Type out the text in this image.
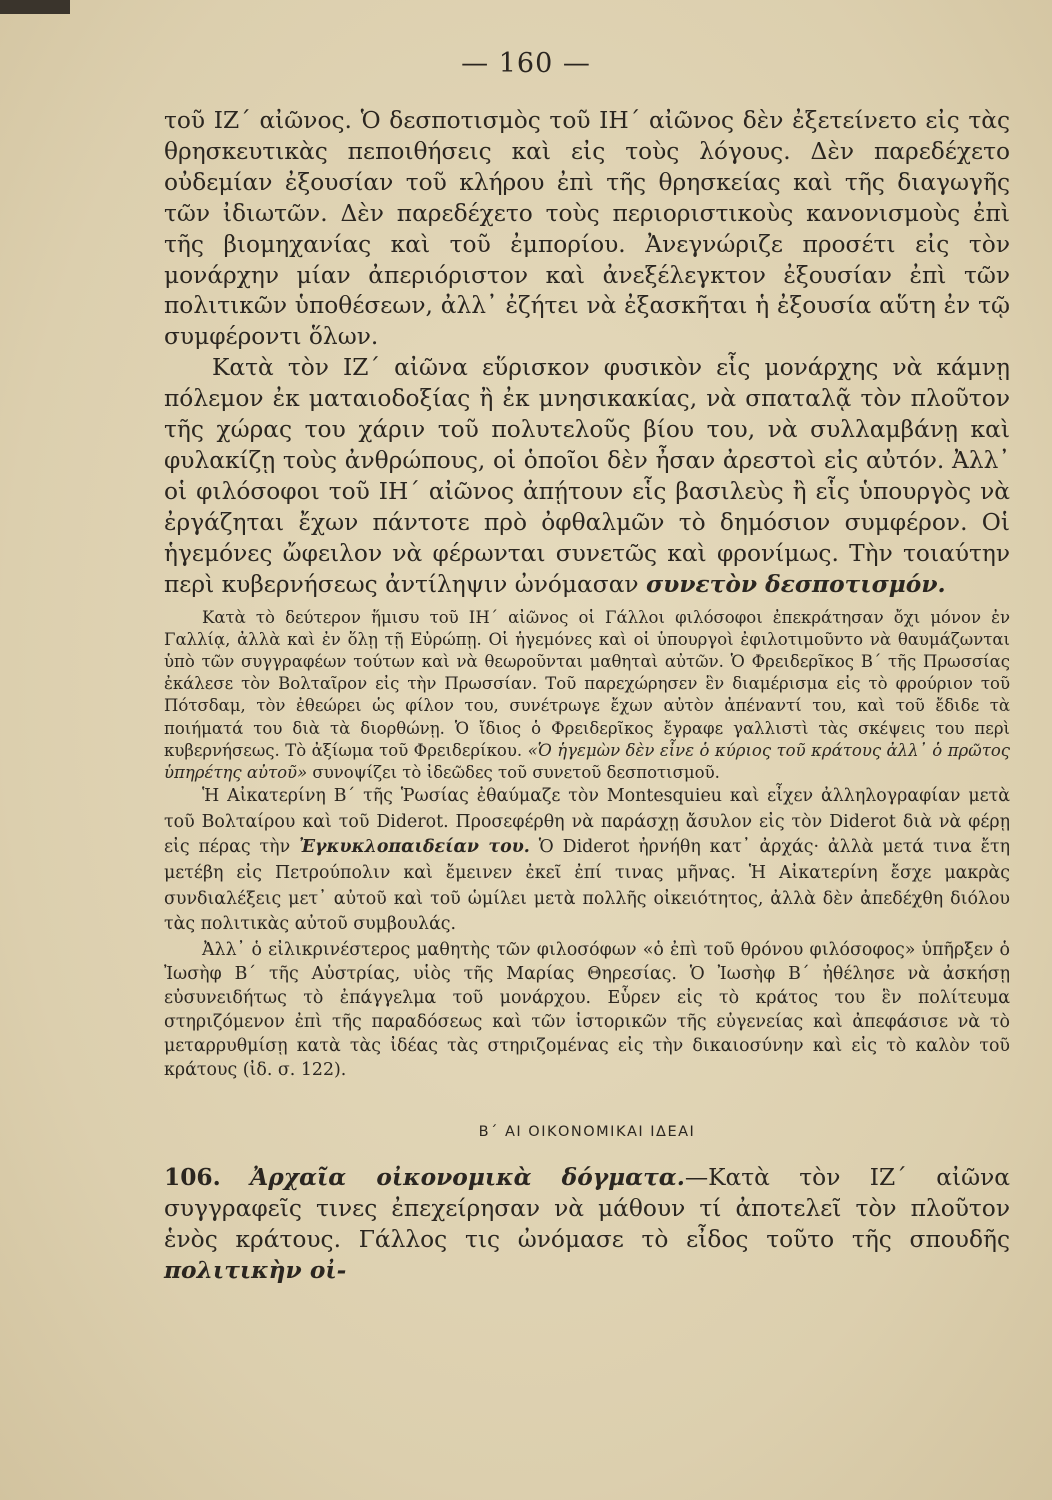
— 160 —

τοῦ ΙΖ΄ αἰῶνος. Ὁ δεσποτισμὸς τοῦ ΙΗ΄ αἰῶνος δὲν ἐξετείνετο εἰς τὰς θρησκευτικὰς πεποιθήσεις καὶ εἰς τοὺς λόγους. Δὲν παρεδέχετο οὐδεμίαν ἐξουσίαν τοῦ κλήρου ἐπὶ τῆς θρησκείας καὶ τῆς διαγωγῆς τῶν ἰδιωτῶν. Δὲν παρεδέχετο τοὺς περιοριστικοὺς κανονισμοὺς ἐπὶ τῆς βιομηχανίας καὶ τοῦ ἐμπορίου. Ἀνεγνώριζε προσέτι εἰς τὸν μονάρχην μίαν ἀπεριόριστον καὶ ἀνεξέλεγκτον ἐξουσίαν ἐπὶ τῶν πολιτικῶν ὑποθέσεων, ἀλλ᾿ ἐζήτει νὰ ἐξασκῆται ἡ ἐξουσία αὕτη ἐν τῷ συμφέροντι ὅλων.

Κατὰ τὸν ΙΖ΄ αἰῶνα εὕρισκον φυσικὸν εἷς μονάρχης νὰ κάμνῃ πόλεμον ἐκ ματαιοδοξίας ἢ ἐκ μνησικακίας, νὰ σπαταλᾷ τὸν πλοῦτον τῆς χώρας του χάριν τοῦ πολυτελοῦς βίου του, νὰ συλλαμβάνῃ καὶ φυλακίζῃ τοὺς ἀνθρώπους, οἱ ὁποῖοι δὲν ἦσαν ἀρεστοὶ εἰς αὐτόν. Ἀλλ᾿ οἱ φιλόσοφοι τοῦ ΙΗ΄ αἰῶνος ἀπῄτουν εἷς βασιλεὺς ἢ εἷς ὑπουργὸς νὰ ἐργάζηται ἔχων πάντοτε πρὸ ὀφθαλμῶν τὸ δημόσιον συμφέρον. Οἱ ἡγεμόνες ὤφειλον νὰ φέρωνται συνετῶς καὶ φρονίμως. Τὴν τοιαύτην περὶ κυβερνήσεως ἀντίληψιν ὠνόμασαν συνετὸν δεσποτισμόν.

Κατὰ τὸ δεύτερον ἥμισυ τοῦ ΙΗ΄ αἰῶνος οἱ Γάλλοι φιλόσοφοι ἐπεκράτησαν ὄχι μόνον ἐν Γαλλίᾳ, ἀλλὰ καὶ ἐν ὅλῃ τῇ Εὐρώπῃ. Οἱ ἡγεμόνες καὶ οἱ ὑπουργοὶ ἐφιλοτιμοῦντο νὰ θαυμάζωνται ὑπὸ τῶν συγγραφέων τούτων καὶ νὰ θεωροῦνται μαθηταὶ αὐτῶν. Ὁ Φρειδερῖκος Β΄ τῆς Πρωσσίας ἐκάλεσε τὸν Βολταῖρον εἰς τὴν Πρωσσίαν. Τοῦ παρεχώρησεν ἓν διαμέρισμα εἰς τὸ φρούριον τοῦ Πότσδαμ, τὸν ἐθεώρει ὡς φίλον του, συνέτρωγε ἔχων αὐτὸν ἀπέναντί του, καὶ τοῦ ἔδιδε τὰ ποιήματά του διὰ τὰ διορθώνῃ. Ὁ ἴδιος ὁ Φρειδερῖκος ἔγραφε γαλλιστὶ τὰς σκέψεις του περὶ κυβερνήσεως. Τὸ ἀξίωμα τοῦ Φρειδερίκου. «Ὁ ἡγεμὼν δὲν εἶνε ὁ κύριος τοῦ κράτους ἀλλ᾿ ὁ πρῶτος ὑπηρέτης αὐτοῦ» συνοψίζει τὸ ἰδεῶδες τοῦ συνετοῦ δεσποτισμοῦ.

Ἡ Αἰκατερίνη Β΄ τῆς Ῥωσίας ἐθαύμαζε τὸν Montesquieu καὶ εἶχεν ἀλληλογραφίαν μετὰ τοῦ Βολταίρου καὶ τοῦ Diderot. Προσεφέρθη νὰ παράσχῃ ἄσυλον εἰς τὸν Diderot διὰ νὰ φέρῃ εἰς πέρας τὴν Ἐγκυκλοπαιδείαν του. Ὁ Diderot ἠρνήθη κατ᾿ ἀρχάς· ἀλλὰ μετά τινα ἔτη μετέβη εἰς Πετρούπολιν καὶ ἔμεινεν ἐκεῖ ἐπί τινας μῆνας. Ἡ Αἰκατερίνη ἔσχε μακρὰς συνδιαλέξεις μετ᾿ αὐτοῦ καὶ τοῦ ὡμίλει μετὰ πολλῆς οἰκειότητος, ἀλλὰ δὲν ἀπεδέχθη διόλου τὰς πολιτικὰς αὐτοῦ συμβουλάς.

Ἀλλ᾿ ὁ εἰλικρινέστερος μαθητὴς τῶν φιλοσόφων «ὁ ἐπὶ τοῦ θρόνου φιλόσοφος» ὑπῆρξεν ὁ Ἰωσὴφ Β΄ τῆς Αὐστρίας, υἱὸς τῆς Μαρίας Θηρεσίας. Ὁ Ἰωσὴφ Β΄ ἠθέλησε νὰ ἀσκήσῃ εὐσυνειδήτως τὸ ἐπάγγελμα τοῦ μονάρχου. Εὗρεν εἰς τὸ κράτος του ἓν πολίτευμα στηριζόμενον ἐπὶ τῆς παραδόσεως καὶ τῶν ἱστορικῶν τῆς εὐγενείας καὶ ἀπεφάσισε νὰ τὸ μεταρρυθμίσῃ κατὰ τὰς ἰδέας τὰς στηριζομένας εἰς τὴν δικαιοσύνην καὶ εἰς τὸ καλὸν τοῦ κράτους (ἰδ. σ. 122).

Β΄ ΑΙ ΟΙΚΟΝΟΜΙΚΑΙ ΙΔΕΑΙ

106. Ἀρχαῖα οἰκονομικὰ δόγματα.—Κατὰ τὸν ΙΖ΄ αἰῶνα συγγραφεῖς τινες ἐπεχείρησαν νὰ μάθουν τί ἀποτελεῖ τὸν πλοῦτον ἑνὸς κράτους. Γάλλος τις ὠνόμασε τὸ εἶδος τοῦτο τῆς σπουδῆς πολιτικὴν οἰ-
